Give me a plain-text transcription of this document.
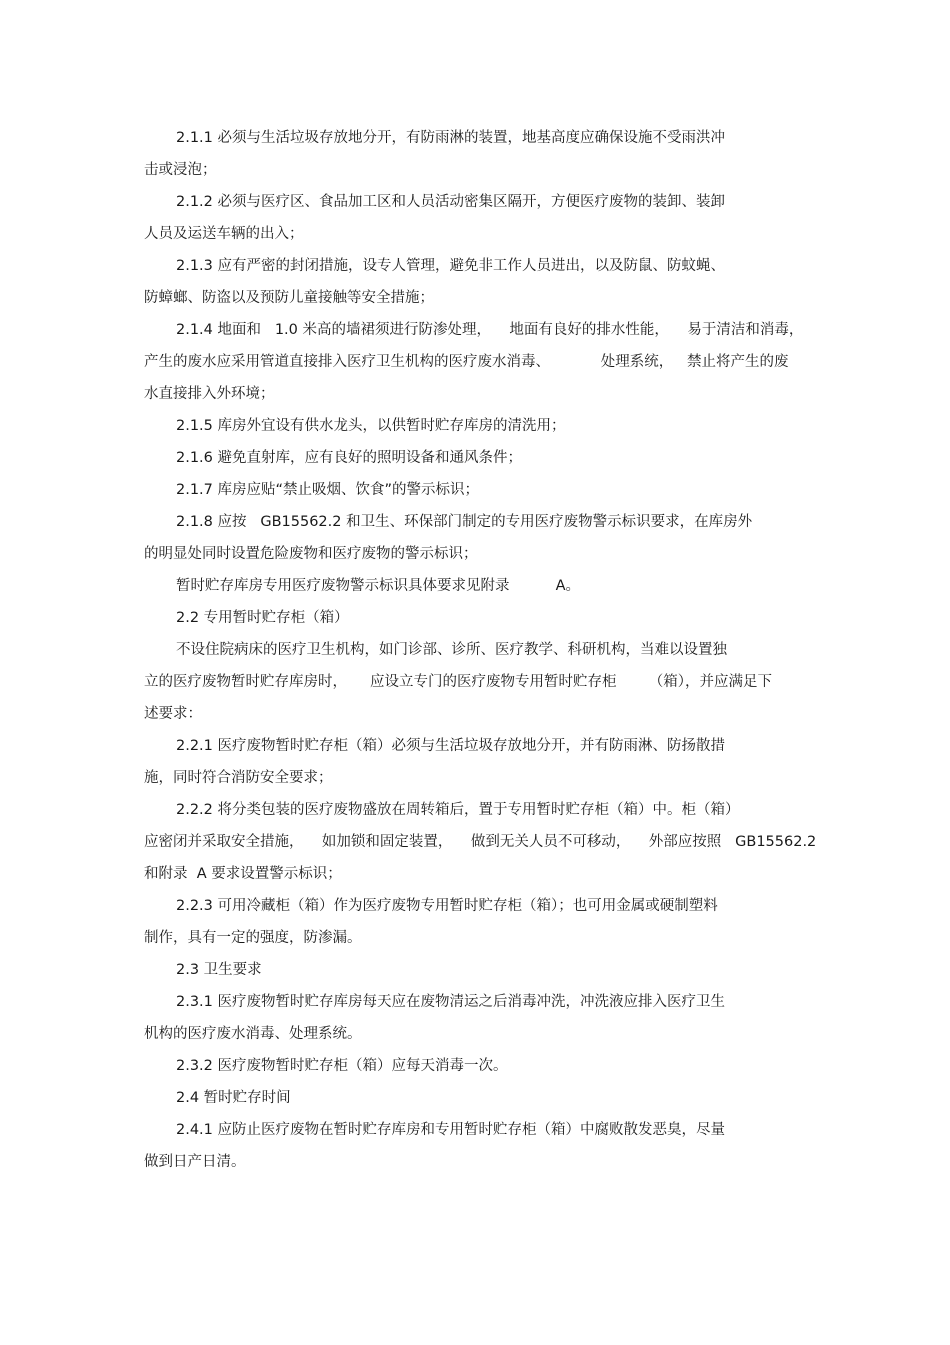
2.1.1 必须与生活垃圾存放地分开，有防雨淋的装置，地基高度应确保设施不受雨洪冲
击或浸泡；
2.1.2 必须与医疗区、食品加工区和人员活动密集区隔开，方便医疗废物的装卸、装卸
人员及运送车辆的出入；
2.1.3 应有严密的封闭措施，设专人管理，避免非工作人员进出，以及防鼠、防蚊蝇、
防蟑螂、防盗以及预防儿童接触等安全措施；
2.1.4 地面和   1.0 米高的墙裙须进行防渗处理，    地面有良好的排水性能，    易于清洁和消毒，
产生的废水应采用管道直接排入医疗卫生机构的医疗废水消毒、           处理系统，   禁止将产生的废
水直接排入外环境；
2.1.5 库房外宜设有供水龙头，以供暂时贮存库房的清洗用；
2.1.6 避免直射库，应有良好的照明设备和通风条件；
2.1.7 库房应贴“禁止吸烟、饮食”的警示标识；
2.1.8 应按   GB15562.2 和卫生、环保部门制定的专用医疗废物警示标识要求，在库房外
的明显处同时设置危险废物和医疗废物的警示标识；
暂时贮存库房专用医疗废物警示标识具体要求见附录          A。
2.2 专用暂时贮存柜（箱）
不设住院病床的医疗卫生机构，如门诊部、诊所、医疗教学、科研机构，当难以设置独
立的医疗废物暂时贮存库房时，     应设立专门的医疗废物专用暂时贮存柜       （箱），并应满足下
述要求：
2.2.1 医疗废物暂时贮存柜（箱）必须与生活垃圾存放地分开，并有防雨淋、防扬散措
施，同时符合消防安全要求；
2.2.2 将分类包装的医疗废物盛放在周转箱后，置于专用暂时贮存柜（箱）中。柜（箱）
应密闭并采取安全措施，    如加锁和固定装置，    做到无关人员不可移动，    外部应按照   GB15562.2
和附录  A 要求设置警示标识；
2.2.3 可用冷藏柜（箱）作为医疗废物专用暂时贮存柜（箱）；也可用金属或硬制塑料
制作，具有一定的强度，防渗漏。
2.3 卫生要求
2.3.1 医疗废物暂时贮存库房每天应在废物清运之后消毒冲洗，冲洗液应排入医疗卫生
机构的医疗废水消毒、处理系统。
2.3.2 医疗废物暂时贮存柜（箱）应每天消毒一次。
2.4 暂时贮存时间
2.4.1 应防止医疗废物在暂时贮存库房和专用暂时贮存柜（箱）中腐败散发恶臭，尽量
做到日产日清。
